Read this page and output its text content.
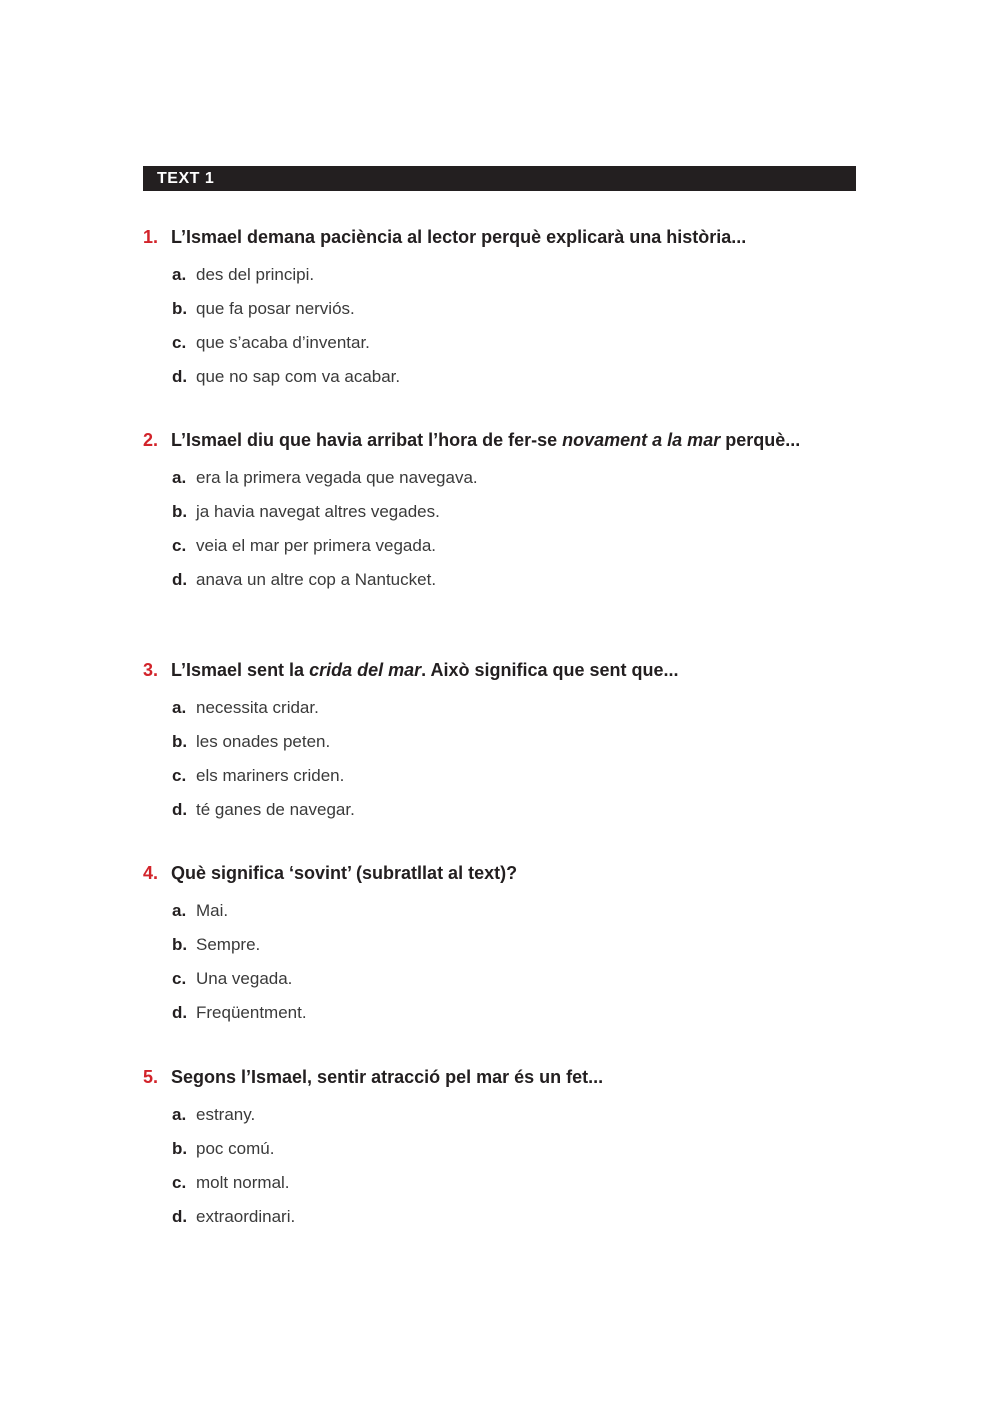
TEXT 1
1. L’Ismael demana paciència al lector perquè explicarà una història...
a. des del principi.
b. que fa posar nerviós.
c. que s’acaba d’inventar.
d. que no sap com va acabar.
2. L’Ismael diu que havia arribat l’hora de fer-se novament a la mar perquè...
a. era la primera vegada que navegava.
b. ja havia navegat altres vegades.
c. veia el mar per primera vegada.
d. anava un altre cop a Nantucket.
3. L’Ismael sent la crida del mar. Això significa que sent que...
a. necessita cridar.
b. les onades peten.
c. els mariners criden.
d. té ganes de navegar.
4. Què significa ‘sovint’ (subratllat al text)?
a. Mai.
b. Sempre.
c. Una vegada.
d. Freqüentment.
5. Segons l’Ismael, sentir atracció pel mar és un fet...
a. estrany.
b. poc comú.
c. molt normal.
d. extraordinari.
